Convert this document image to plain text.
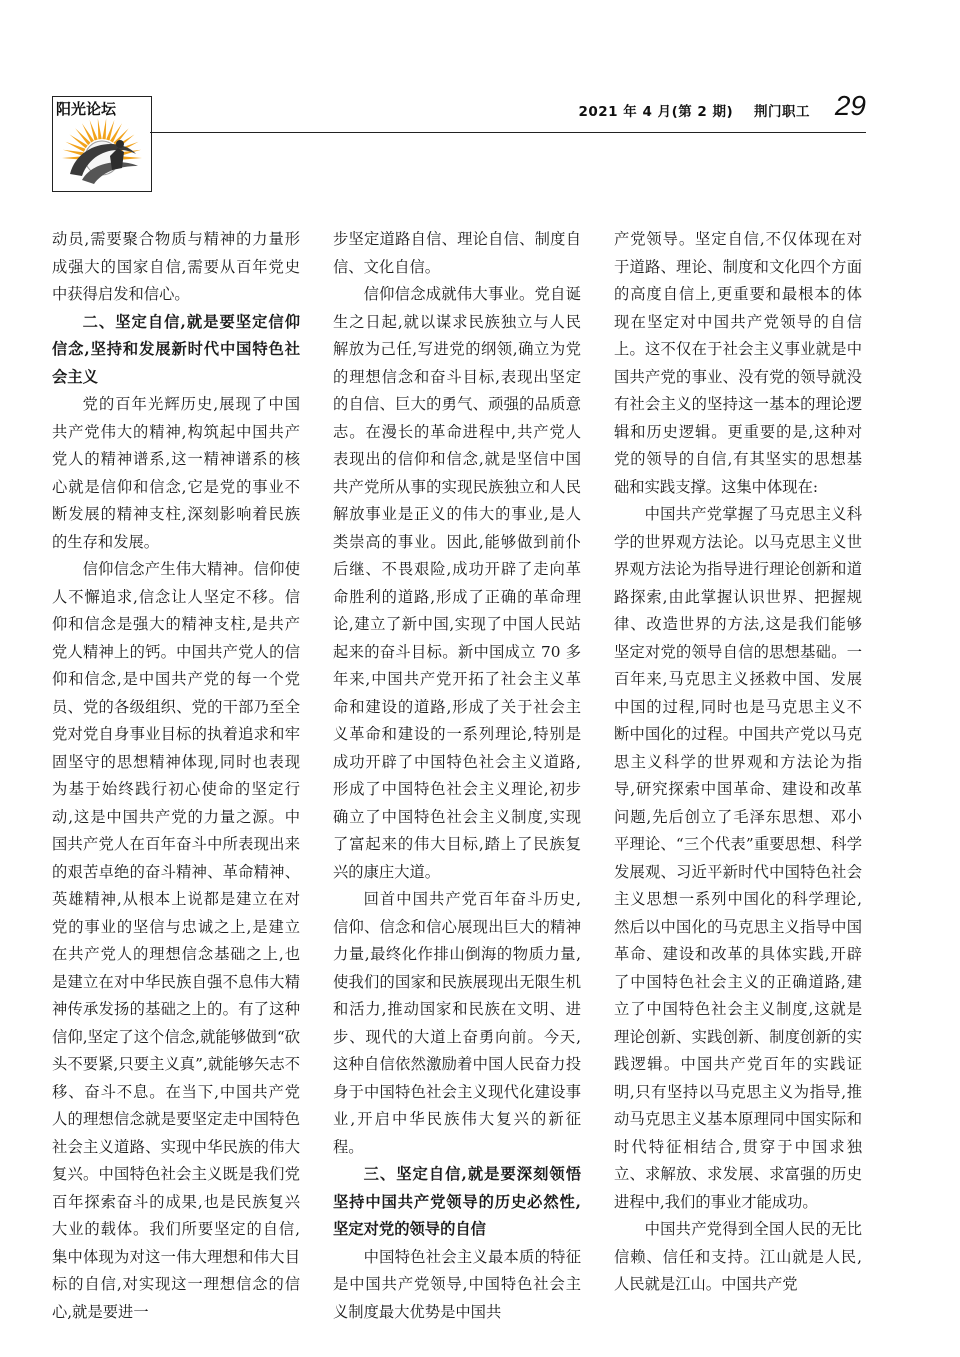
阳光论坛	2021 年 4 月(第 2 期)    荆门职工 29

动员,需要聚合物质与精神的力量形成强大的国家自信,需要从百年党史中获得启发和信心。

二、坚定自信,就是要坚定信仰信念,坚持和发展新时代中国特色社会主义

党的百年光辉历史,展现了中国共产党伟大的精神,构筑起中国共产党人的精神谱系,这一精神谱系的核心就是信仰和信念,它是党的事业不断发展的精神支柱,深刻影响着民族的生存和发展。

信仰信念产生伟大精神。信仰使人不懈追求,信念让人坚定不移。信仰和信念是强大的精神支柱,是共产党人精神上的钙。中国共产党人的信仰和信念,是中国共产党的每一个党员、党的各级组织、党的干部乃至全党对党自身事业目标的执着追求和牢固坚守的思想精神体现,同时也表现为基于始终践行初心使命的坚定行动,这是中国共产党的力量之源。中国共产党人在百年奋斗中所表现出来的艰苦卓绝的奋斗精神、革命精神、英雄精神,从根本上说都是建立在对党的事业的坚信与忠诚之上,是建立在共产党人的理想信念基础之上,也是建立在对中华民族自强不息伟大精神传承发扬的基础之上的。有了这种信仰,坚定了这个信念,就能够做到“砍头不要紧,只要主义真”,就能够矢志不移、奋斗不息。在当下,中国共产党人的理想信念就是要坚定走中国特色社会主义道路、实现中华民族的伟大复兴。中国特色社会主义既是我们党百年探索奋斗的成果,也是民族复兴大业的载体。我们所要坚定的自信,集中体现为对这一伟大理想和伟大目标的自信,对实现这一理想信念的信心,就是要进一

步坚定道路自信、理论自信、制度自信、文化自信。

信仰信念成就伟大事业。党自诞生之日起,就以谋求民族独立与人民解放为己任,写进党的纲领,确立为党的理想信念和奋斗目标,表现出坚定的自信、巨大的勇气、顽强的品质意志。在漫长的革命进程中,共产党人表现出的信仰和信念,就是坚信中国共产党所从事的实现民族独立和人民解放事业是正义的伟大的事业,是人类崇高的事业。因此,能够做到前仆后继、不畏艰险,成功开辟了走向革命胜利的道路,形成了正确的革命理论,建立了新中国,实现了中国人民站起来的奋斗目标。新中国成立 70 多年来,中国共产党开拓了社会主义革命和建设的道路,形成了关于社会主义革命和建设的一系列理论,特别是成功开辟了中国特色社会主义道路,形成了中国特色社会主义理论,初步确立了中国特色社会主义制度,实现了富起来的伟大目标,踏上了民族复兴的康庄大道。

回首中国共产党百年奋斗历史,信仰、信念和信心展现出巨大的精神力量,最终化作排山倒海的物质力量,使我们的国家和民族展现出无限生机和活力,推动国家和民族在文明、进步、现代的大道上奋勇向前。今天,这种自信依然激励着中国人民奋力投身于中国特色社会主义现代化建设事业,开启中华民族伟大复兴的新征程。

三、坚定自信,就是要深刻领悟坚持中国共产党领导的历史必然性,坚定对党的领导的自信

中国特色社会主义最本质的特征是中国共产党领导,中国特色社会主义制度最大优势是中国共

产党领导。坚定自信,不仅体现在对于道路、理论、制度和文化四个方面的高度自信上,更重要和最根本的体现在坚定对中国共产党领导的自信上。这不仅在于社会主义事业就是中国共产党的事业、没有党的领导就没有社会主义的坚持这一基本的理论逻辑和历史逻辑。更重要的是,这种对党的领导的自信,有其坚实的思想基础和实践支撑。这集中体现在:

中国共产党掌握了马克思主义科学的世界观方法论。以马克思主义世界观方法论为指导进行理论创新和道路探索,由此掌握认识世界、把握规律、改造世界的方法,这是我们能够坚定对党的领导自信的思想基础。一百年来,马克思主义拯救中国、发展中国的过程,同时也是马克思主义不断中国化的过程。中国共产党以马克思主义科学的世界观和方法论为指导,研究探索中国革命、建设和改革问题,先后创立了毛泽东思想、邓小平理论、“三个代表”重要思想、科学发展观、习近平新时代中国特色社会主义思想一系列中国化的科学理论,然后以中国化的马克思主义指导中国革命、建设和改革的具体实践,开辟了中国特色社会主义的正确道路,建立了中国特色社会主义制度,这就是理论创新、实践创新、制度创新的实践逻辑。中国共产党百年的实践证明,只有坚持以马克思主义为指导,推动马克思主义基本原理同中国实际和时代特征相结合,贯穿于中国求独立、求解放、求发展、求富强的历史进程中,我们的事业才能成功。

中国共产党得到全国人民的无比信赖、信任和支持。江山就是人民,人民就是江山。中国共产党
